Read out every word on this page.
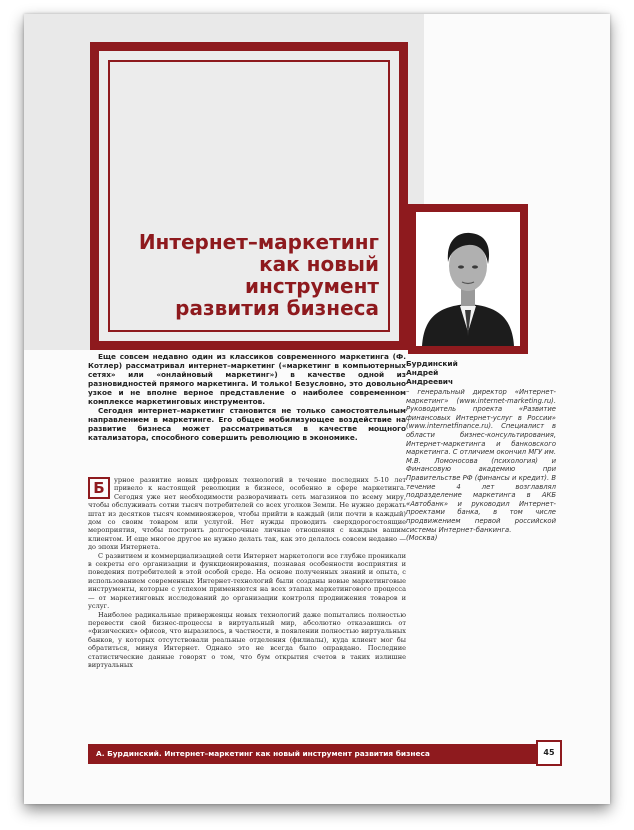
Интернет–маркетинг
как новый инструмент
развития бизнеса

Еще совсем недавно один из классиков современного маркетинга (Ф. Котлер) рассматривал интернет–маркетинг («маркетинг в компьютерных сетях» или «онлайновый маркетинг») в качестве одной из разновидностей прямого маркетинга. И только! Безусловно, это довольно узкое и не вполне верное представление о наиболее современном комплексе маркетинговых инструментов.

Сегодня интернет–маркетинг становится не только самостоятельным направлением в маркетинге. Его общее мобилизующее воздействие на развитие бизнеса может рассматриваться в качестве мощного катализатора, способного совершить революцию в экономике.

Б	урное развитие новых цифровых технологий в течение последних 5-10 лет привело к настоящей революции в бизнесе, особенно в сфере маркетинга. Сегодня уже нет необходимости разворачивать сеть магазинов по всему миру, чтобы обслуживать сотни тысяч потребителей со всех уголков Земли. Не нужно держать штат из десятков тысяч коммивояжеров, чтобы прийти в каждый (или почти в каждый) дом со своим товаром или услугой. Нет нужды проводить сверхдорогостоящие мероприятия, чтобы построить долгосрочные личные отношения с каждым вашим клиентом. И еще многое другое не нужно делать так, как это делалось совсем недавно — до эпохи Интернета.

С развитием и коммерциализацией сети Интернет маркетологи все глубже проникали в секреты его организации и функционирования, познавая особенности восприятия и поведения потребителей в этой особой среде. На основе полученных знаний и опыта, с использованием современных Интернет-технологий были созданы новые маркетинговые инструменты, которые с успехом применяются на всех этапах маркетингового процесса — от маркетинговых исследований до организации контроля продвижения товаров и услуг.

Наиболее радикальные приверженцы новых технологий даже попытались полностью перевести свой бизнес-процессы в виртуальный мир, абсолютно отказавшись от «физических» офисов, что выразилось, в частности, в появлении полностью виртуальных банков, у которых отсутствовали реальные отделения (филиалы), куда клиент мог бы обратиться, минуя Интернет. Однако это не всегда было оправдано. Последние статистические данные говорят о том, что бум открытия счетов в таких излишне виртуальных

Бурдинский
Андрей
Андреевич

– генеральный директор «Интернет-маркетинг» (www.internet-marketing.ru). Руководитель проекта «Развитие финансовых Интернет-услуг в России» (www.internetfinance.ru). Специалист в области бизнес-консультирования, Интернет-маркетинга и банковского маркетинга. С отличием окончил МГУ им. М.В. Ломоносова (психология) и Финансовую академию при Правительстве РФ (финансы и кредит). В течение 4 лет возглавлял подразделение маркетинга в АКБ «Автобанк» и руководил Интернет-проектами банка, в том числе продвижением первой российской системы Интернет-банкинга.

(Москва)

А. Бурдинский. Интернет–маркетинг как новый инструмент развития бизнеса	45
